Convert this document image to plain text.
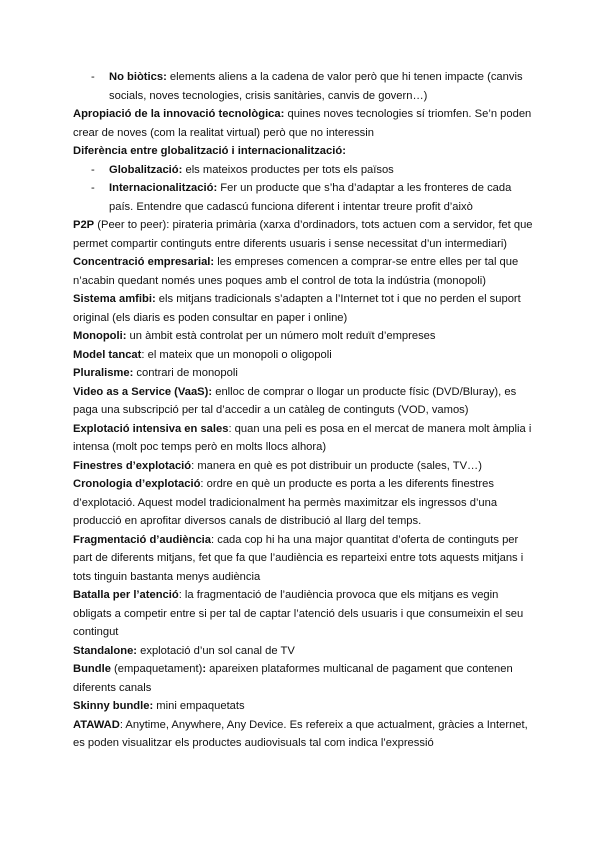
- No biòtics: elements aliens a la cadena de valor però que hi tenen impacte (canvis socials, noves tecnologies, crisis sanitàries, canvis de govern…)
Apropiació de la innovació tecnològica: quines noves tecnologies sí triomfen. Se’n poden crear de noves (com la realitat virtual) però que no interessin
Diferència entre globalització i internacionalització:
- Globalització: els mateixos productes per tots els països
- Internacionalització: Fer un producte que s’ha d’adaptar a les fronteres de cada país. Entendre que cadascú funciona diferent i intentar treure profit d’això
P2P (Peer to peer): pirateria primària (xarxa d’ordinadors, tots actuen com a servidor, fet que permet compartir continguts entre diferents usuaris i sense necessitat d’un intermediari)
Concentració empresarial: les empreses comencen a comprar-se entre elles per tal que n’acabin quedant només unes poques amb el control de tota la indústria (monopoli)
Sistema amfibi: els mitjans tradicionals s’adapten a l’Internet tot i que no perden el suport original (els diaris es poden consultar en paper i online)
Monopoli: un àmbit està controlat per un número molt reduït d’empreses
Model tancat: el mateix que un monopoli o oligopoli
Pluralisme: contrari de monopoli
Video as a Service (VaaS): enlloc de comprar o llogar un producte físic (DVD/Bluray), es paga una subscripció per tal d’accedir a un catàleg de continguts (VOD, vamos)
Explotació intensiva en sales: quan una peli es posa en el mercat de manera molt àmplia i intensa (molt poc temps però en molts llocs alhora)
Finestres d’explotació: manera en què es pot distribuir un producte (sales, TV…)
Cronologia d’explotació: ordre en què un producte es porta a les diferents finestres d’explotació. Aquest model tradicionalment ha permès maximitzar els ingressos d’una producció en aprofitar diversos canals de distribució al llarg del temps.
Fragmentació d’audiència: cada cop hi ha una major quantitat d’oferta de continguts per part de diferents mitjans, fet que fa que l’audiència es reparteixi entre tots aquests mitjans i tots tinguin bastanta menys audiència
Batalla per l’atenció: la fragmentació de l’audiència provoca que els mitjans es vegin obligats a competir entre si per tal de captar l’atenció dels usuaris i que consumeixin el seu contingut
Standalone: explotació d’un sol canal de TV
Bundle (empaquetament): apareixen plataformes multicanal de pagament que contenen diferents canals
Skinny bundle: mini empaquetats
ATAWAD: Anytime, Anywhere, Any Device. Es refereix a que actualment, gràcies a Internet, es poden visualitzar els productes audiovisuals tal com indica l’expressió
